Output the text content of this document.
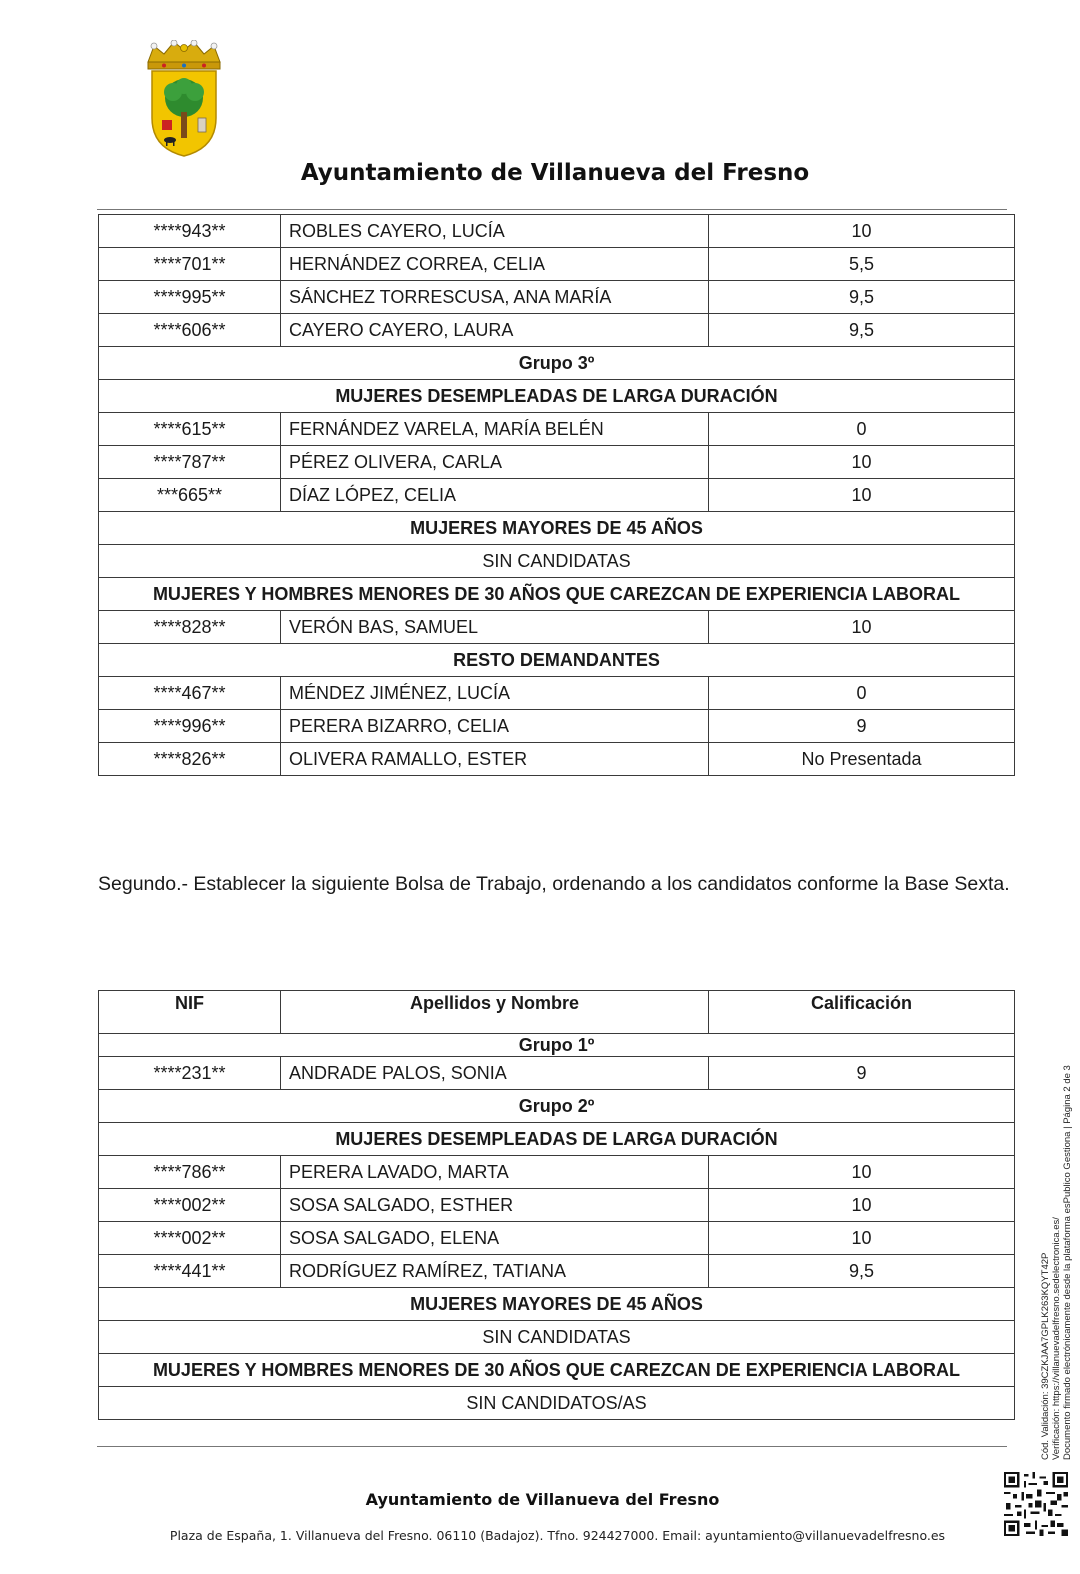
Ayuntamiento de Villanueva del Fresno
****943**	ROBLES CAYERO, LUCÍA	10
****701**	HERNÁNDEZ CORREA, CELIA	5,5
****995**	SÁNCHEZ TORRESCUSA, ANA MARÍA	9,5
****606**	CAYERO CAYERO, LAURA	9,5
Grupo 3º		
MUJERES DESEMPLEADAS DE LARGA DURACIÓN		
****615**	FERNÁNDEZ VARELA, MARÍA BELÉN	0
****787**	PÉREZ OLIVERA, CARLA	10
***665**	DÍAZ LÓPEZ, CELIA	10
MUJERES MAYORES DE 45 AÑOS		
SIN CANDIDATAS		
MUJERES Y HOMBRES MENORES DE 30 AÑOS QUE CAREZCAN DE EXPERIENCIA LABORAL		
****828**	VERÓN BAS, SAMUEL	10
RESTO DEMANDANTES		
****467**	MÉNDEZ JIMÉNEZ, LUCÍA	0
****996**	PERERA BIZARRO, CELIA	9
****826**	OLIVERA RAMALLO, ESTER	No Presentada
Segundo.- Establecer la siguiente Bolsa de Trabajo, ordenando a los candidatos conforme la Base Sexta.
NIF	Apellidos y Nombre	Calificación
Grupo 1º		
****231**	ANDRADE PALOS, SONIA	9
Grupo 2º		
MUJERES DESEMPLEADAS DE LARGA DURACIÓN		
****786**	PERERA LAVADO, MARTA	10
****002**	SOSA SALGADO, ESTHER	10
****002**	SOSA SALGADO, ELENA	10
****441**	RODRÍGUEZ RAMÍREZ, TATIANA	9,5
MUJERES MAYORES DE 45 AÑOS		
SIN CANDIDATAS		
MUJERES Y HOMBRES MENORES DE 30 AÑOS QUE CAREZCAN DE EXPERIENCIA LABORAL		
SIN CANDIDATOS/AS		
Ayuntamiento de Villanueva del Fresno
Plaza de España, 1. Villanueva del Fresno. 06110 (Badajoz). Tfno. 924427000. Email: ayuntamiento@villanuevadelfresno.es
Cód. Validación: 39CZKJAA7GPLK263KQYT42P Verificación: https://villanuevadelfresno.sedelectronica.es/ Documento firmado electrónicamente desde la plataforma esPublico Gestiona | Página 2 de 3
